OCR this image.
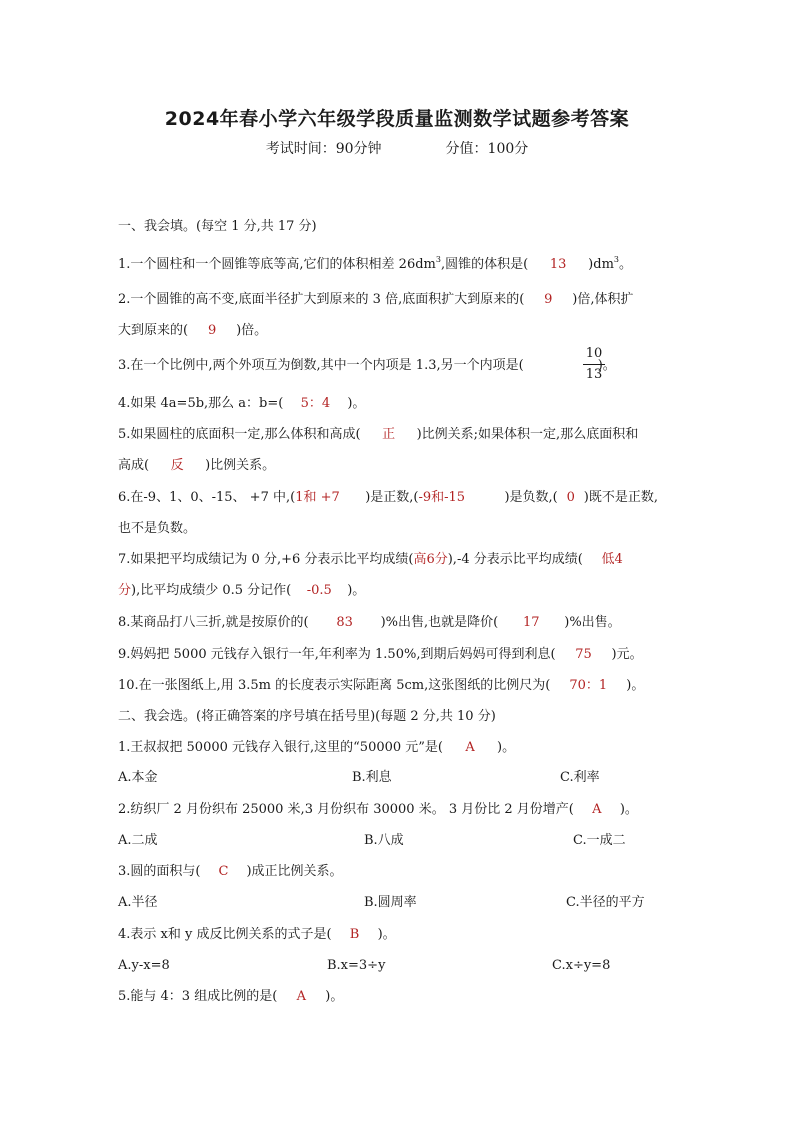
2024年春小学六年级学段质量监测数学试题参考答案
考试时间：90分钟	分值：100分
一、我会填。(每空 1 分,共 17 分)
1.一个圆柱和一个圆锥等底等高,它们的体积相差 $26dm^3$,圆锥的体积是( 13 )$dm^3$。
2.一个圆锥的高不变,底面半径扩大到原来的 3 倍,底面积扩大到原来的( 9 )倍,体积扩
大到原来的( 9 )倍。
3.在一个比例中,两个外项互为倒数,其中一个内项是 1.3,另一个内项是(	)。
10
13
4.如果 4a=5b,那么 a：b=( 5：4 )。
5.如果圆柱的底面积一定,那么体积和高成( 正 )比例关系;如果体积一定,那么底面积和
高成( 反 )比例关系。
6.在-9、1、0、-15、 +7 中,(1和 +7 )是正数,(-9和-15	)是负数,( 0 )既不是正数,
也不是负数。
7.如果把平均成绩记为 0 分,+6 分表示比平均成绩(高6分),-4 分表示比平均成绩( 低4
分),比平均成绩少 0.5 分记作( -0.5 )。
8.某商品打八三折,就是按原价的( 83 )%出售,也就是降价( 17 )%出售。
9.妈妈把 5000 元钱存入银行一年,年利率为 1.50%,到期后妈妈可得到利息( 75 )元。
10.在一张图纸上,用 3.5m 的长度表示实际距离 5cm,这张图纸的比例尺为( 70：1 )。
二、我会选。(将正确答案的序号填在括号里)(每题 2 分,共 10 分)
1.王叔叔把 50000 元钱存入银行,这里的“50000 元”是( A )。
A.本金	B.利息	C.利率
2.纺织厂 2 月份织布 25000 米,3 月份织布 30000 米。 3 月份比 2 月份增产( A )。
A.二成	B.八成	C.一成二
3.圆的面积与( C )成正比例关系。
A.半径	B.圆周率	C.半径的平方
4.表示 x和 y 成反比例关系的式子是( B )。
A.y-x=8	B.x=3÷y	C.x÷y=8
5.能与 4：3 组成比例的是( A )。
